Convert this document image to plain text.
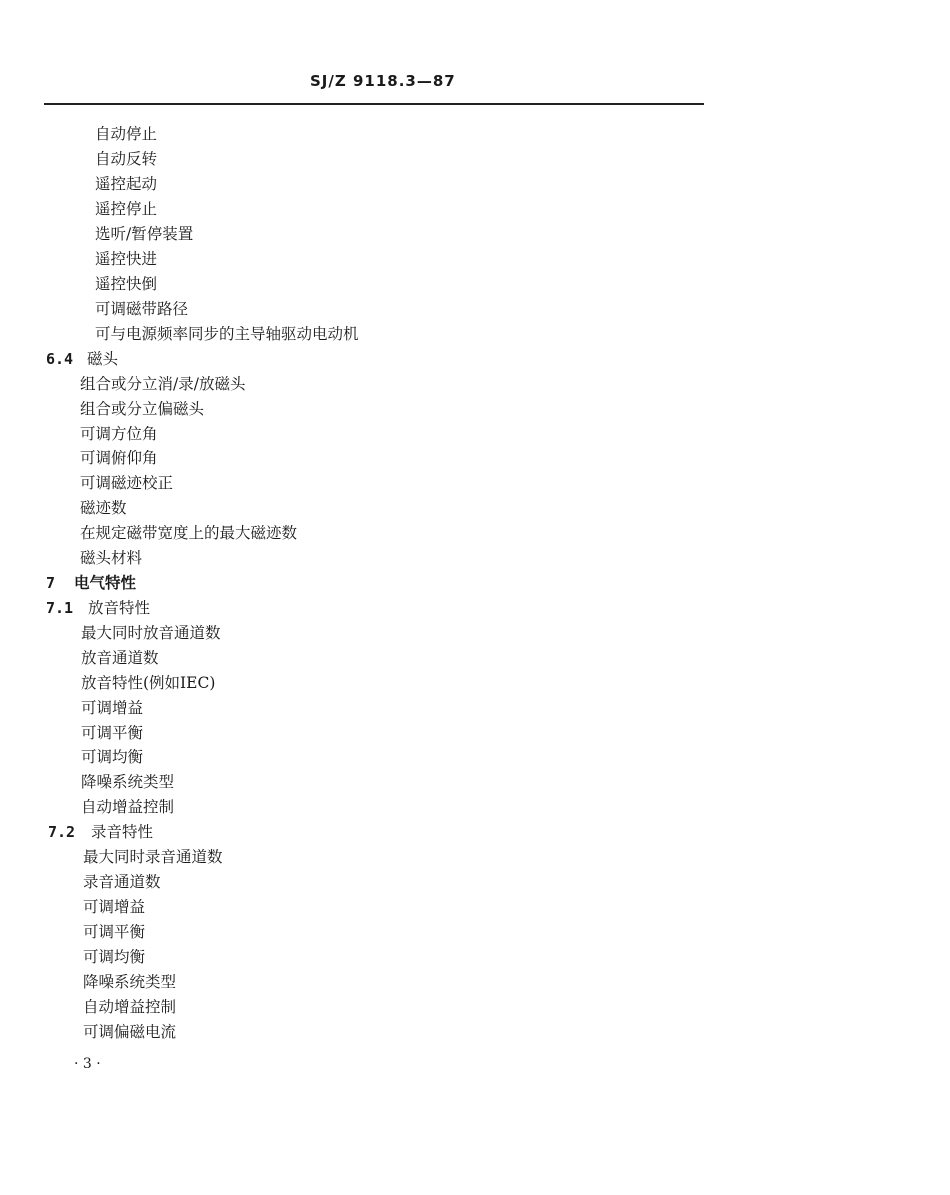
SJ/Z 9118.3—87
自动停止
自动反转
遥控起动
遥控停止
选听/暂停装置
遥控快进
遥控快倒
可调磁带路径
可与电源频率同步的主导轴驱动电动机
6.4 磁头
组合或分立消/录/放磁头
组合或分立偏磁头
可调方位角
可调俯仰角
可调磁迹校正
磁迹数
在规定磁带宽度上的最大磁迹数
磁头材料
7 电气特性
7.1 放音特性
最大同时放音通道数
放音通道数
放音特性(例如IEC)
可调增益
可调平衡
可调均衡
降噪系统类型
自动增益控制
7.2 录音特性
最大同时录音通道数
录音通道数
可调增益
可调平衡
可调均衡
降噪系统类型
自动增益控制
可调偏磁电流
· 3 ·
